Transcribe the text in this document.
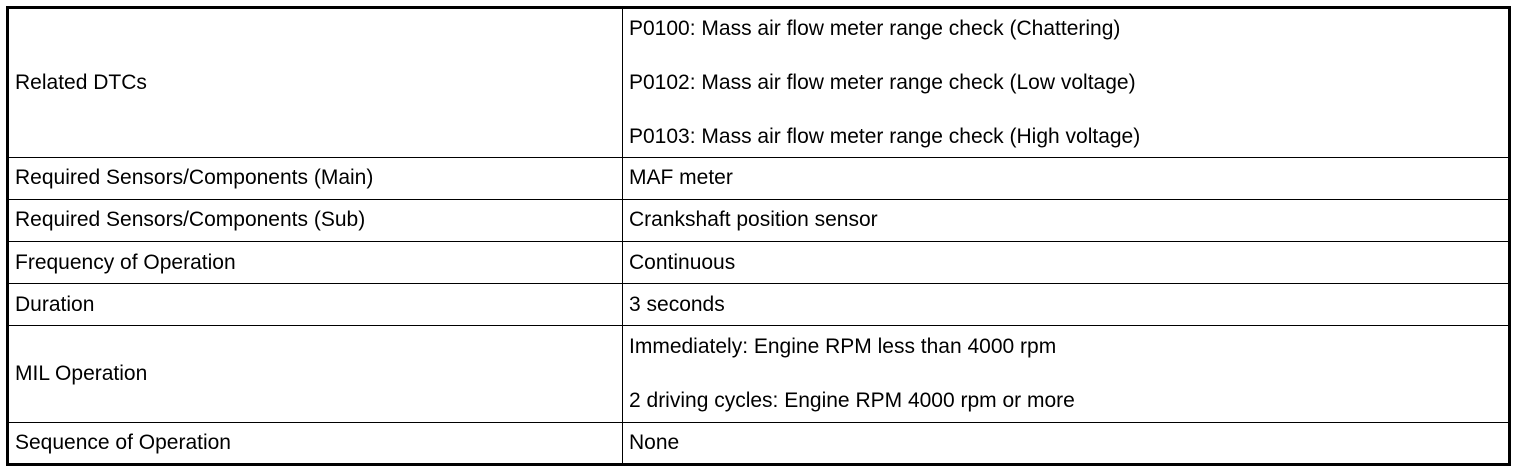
Related DTCs	P0100: Mass air flow meter range check (Chattering)
P0102: Mass air flow meter range check (Low voltage)
P0103: Mass air flow meter range check (High voltage)

Required Sensors/Components (Main)	MAF meter
Required Sensors/Components (Sub)	Crankshaft position sensor
Frequency of Operation	Continuous
Duration	3 seconds
MIL Operation	Immediately: Engine RPM less than 4000 rpm
2 driving cycles: Engine RPM 4000 rpm or more

Sequence of Operation	None
